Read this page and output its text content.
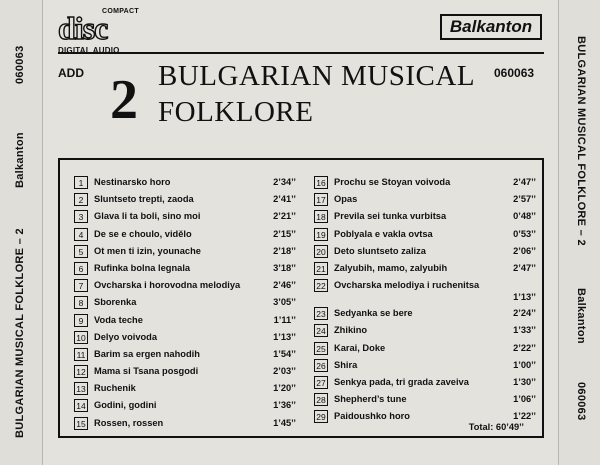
060063
Balkanton
BULGARIAN MUSICAL FOLKLORE – 2
BULGARIAN MUSICAL FOLKLORE – 2
Balkanton
060063
COMPACT
disc
DIGITAL AUDIO
Balkanton
ADD	060063
2 BULGARIAN MUSICAL
FOLKLORE
1	Nestinarsko horo	2’34’’
2	Sluntseto trepti, zaoda	2’41’’
3	Glava li ta boli, sino moi	2’21’’
4	De se e choulo, vidělo	2’15’’
5	Ot men ti izin, younache	2’18’’
6	Rufinka bolna legnala	3’18’’
7	Ovcharska i horovodna melodiya	2’46’’
8	Sborenka	3’05’’
9	Voda teche	1’11’’
10 Delyo voivoda	1’13’’
11 Barim sa ergen nahodih	1’54’’
12 Mama si Tsana posgodi	2’03’’
13 Ruchenik	1’20’’
14 Godini, godini	1’36’’
15 Rossen, rossen	1’45’’
16 Prochu se Stoyan voivoda	2’47’’
17 Opas	2’57’’
18 Previla sei tunka vurbitsa	0’48’’
19 Poblyala e vakla ovtsa	0’53’’
20 Deto sluntseto zaliza	2’06’’
21 Zalyubih, mamo, zalyubih	2’47’’
22 Ovcharska melodiya i ruchenitsa
1’13’’
23 Sedyanka se bere	2’24’’
24 Zhikino	1’33’’
25 Karai, Doke	2’22’’
26 Shira	1’00’’
27 Senkya pada, tri grada zaveiva	1’30’’
28 Shepherd’s tune	1’06’’
29 Paidoushko horo	1’22’’
Total: 60’49’’
